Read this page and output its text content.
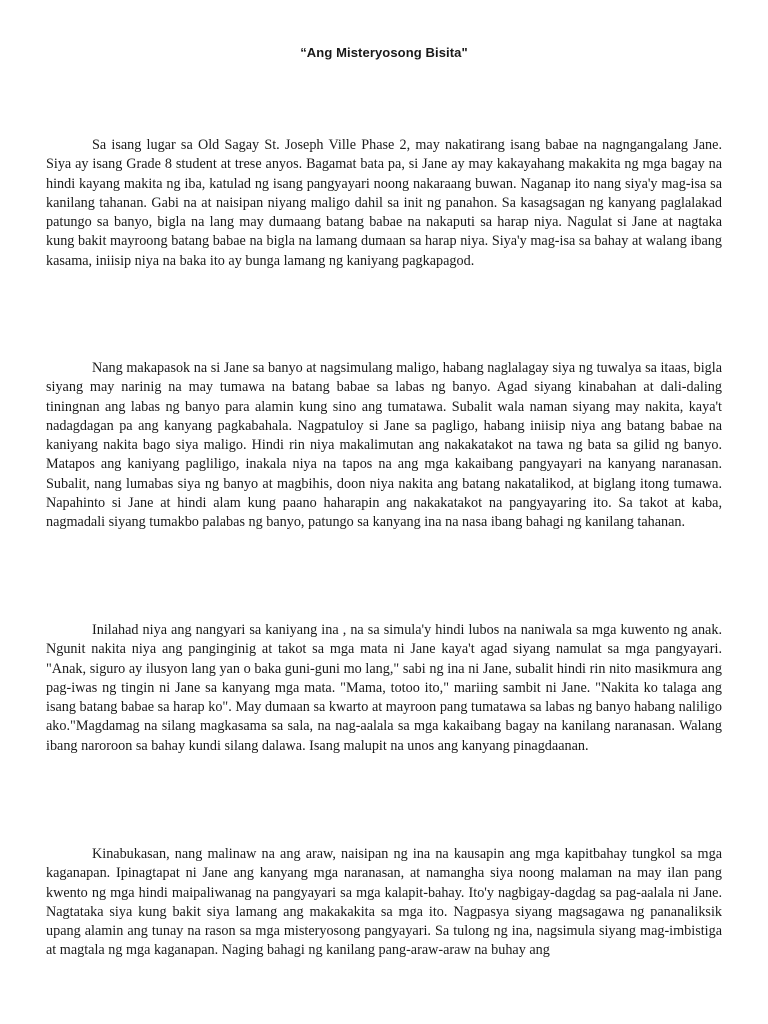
“Ang Misteryosong Bisita"

Sa isang lugar sa Old Sagay St. Joseph Ville Phase 2, may nakatirang isang babae na nagngangalang Jane. Siya ay isang Grade 8 student at trese anyos. Bagamat bata pa, si Jane ay may kakayahang makakita ng mga bagay na hindi kayang makita ng iba, katulad ng isang pangyayari noong nakaraang buwan. Naganap ito nang siya'y mag-isa sa kanilang tahanan. Gabi na at naisipan niyang maligo dahil sa init ng panahon. Sa kasagsagan ng kanyang paglalakad patungo sa banyo, bigla na lang may dumaang batang babae na nakaputi sa harap niya. Nagulat si Jane at nagtaka kung bakit mayroong batang babae na bigla na lamang dumaan sa harap niya. Siya'y mag-isa sa bahay at walang ibang kasama, iniisip niya na baka ito ay bunga lamang ng kaniyang pagkapagod.

Nang makapasok na si Jane sa banyo at nagsimulang maligo, habang naglalagay siya ng tuwalya sa itaas, bigla siyang may narinig na may tumawa na batang babae sa labas ng banyo. Agad siyang kinabahan at dali-daling tiningnan ang labas ng banyo para alamin kung sino ang tumatawa. Subalit wala naman siyang may nakita, kaya't nadagdagan pa ang kanyang pagkabahala. Nagpatuloy si Jane sa pagligo, habang iniisip niya ang batang babae na kaniyang nakita bago siya maligo. Hindi rin niya makalimutan ang nakakatakot na tawa ng bata sa gilid ng banyo. Matapos ang kaniyang pagliligo, inakala niya na tapos na ang mga kakaibang pangyayari na kanyang naranasan. Subalit, nang lumabas siya ng banyo at magbihis, doon niya nakita ang batang nakatalikod, at biglang itong tumawa. Napahinto si Jane at hindi alam kung paano haharapin ang nakakatakot na pangyayaring ito. Sa takot at kaba, nagmadali siyang tumakbo palabas ng banyo, patungo sa kanyang ina na nasa ibang bahagi ng kanilang tahanan.

Inilahad niya ang nangyari sa kaniyang ina , na sa simula'y hindi lubos na naniwala sa mga kuwento ng anak. Ngunit nakita niya ang panginginig at takot sa mga mata ni Jane kaya't agad siyang namulat sa mga pangyayari. "Anak, siguro ay ilusyon lang yan o baka guni-guni mo lang," sabi ng ina ni Jane, subalit hindi rin nito masikmura ang pag-iwas ng tingin ni Jane sa kanyang mga mata. "Mama, totoo ito," mariing sambit ni Jane. "Nakita ko talaga ang isang batang babae sa harap ko". May dumaan sa kwarto at mayroon pang tumatawa sa labas ng banyo habang naliligo ako."Magdamag na silang magkasama sa sala, na nag-aalala sa mga kakaibang bagay na kanilang naranasan. Walang ibang naroroon sa bahay kundi silang dalawa. Isang malupit na unos ang kanyang pinagdaanan.

Kinabukasan, nang malinaw na ang araw, naisipan ng ina na kausapin ang mga kapitbahay tungkol sa mga kaganapan. Ipinagtapat ni Jane ang kanyang mga naranasan, at namangha siya noong malaman na may ilan pang kwento ng mga hindi maipaliwanag na pangyayari sa mga kalapit-bahay. Ito'y nagbigay-dagdag sa pag-aalala ni Jane. Nagtataka siya kung bakit siya lamang ang makakakita sa mga ito. Nagpasya siyang magsagawa ng pananaliksik upang alamin ang tunay na rason sa mga misteryosong pangyayari. Sa tulong ng ina, nagsimula siyang mag-imbistiga at magtala ng mga kaganapan. Naging bahagi ng kanilang pang-araw-araw na buhay ang
